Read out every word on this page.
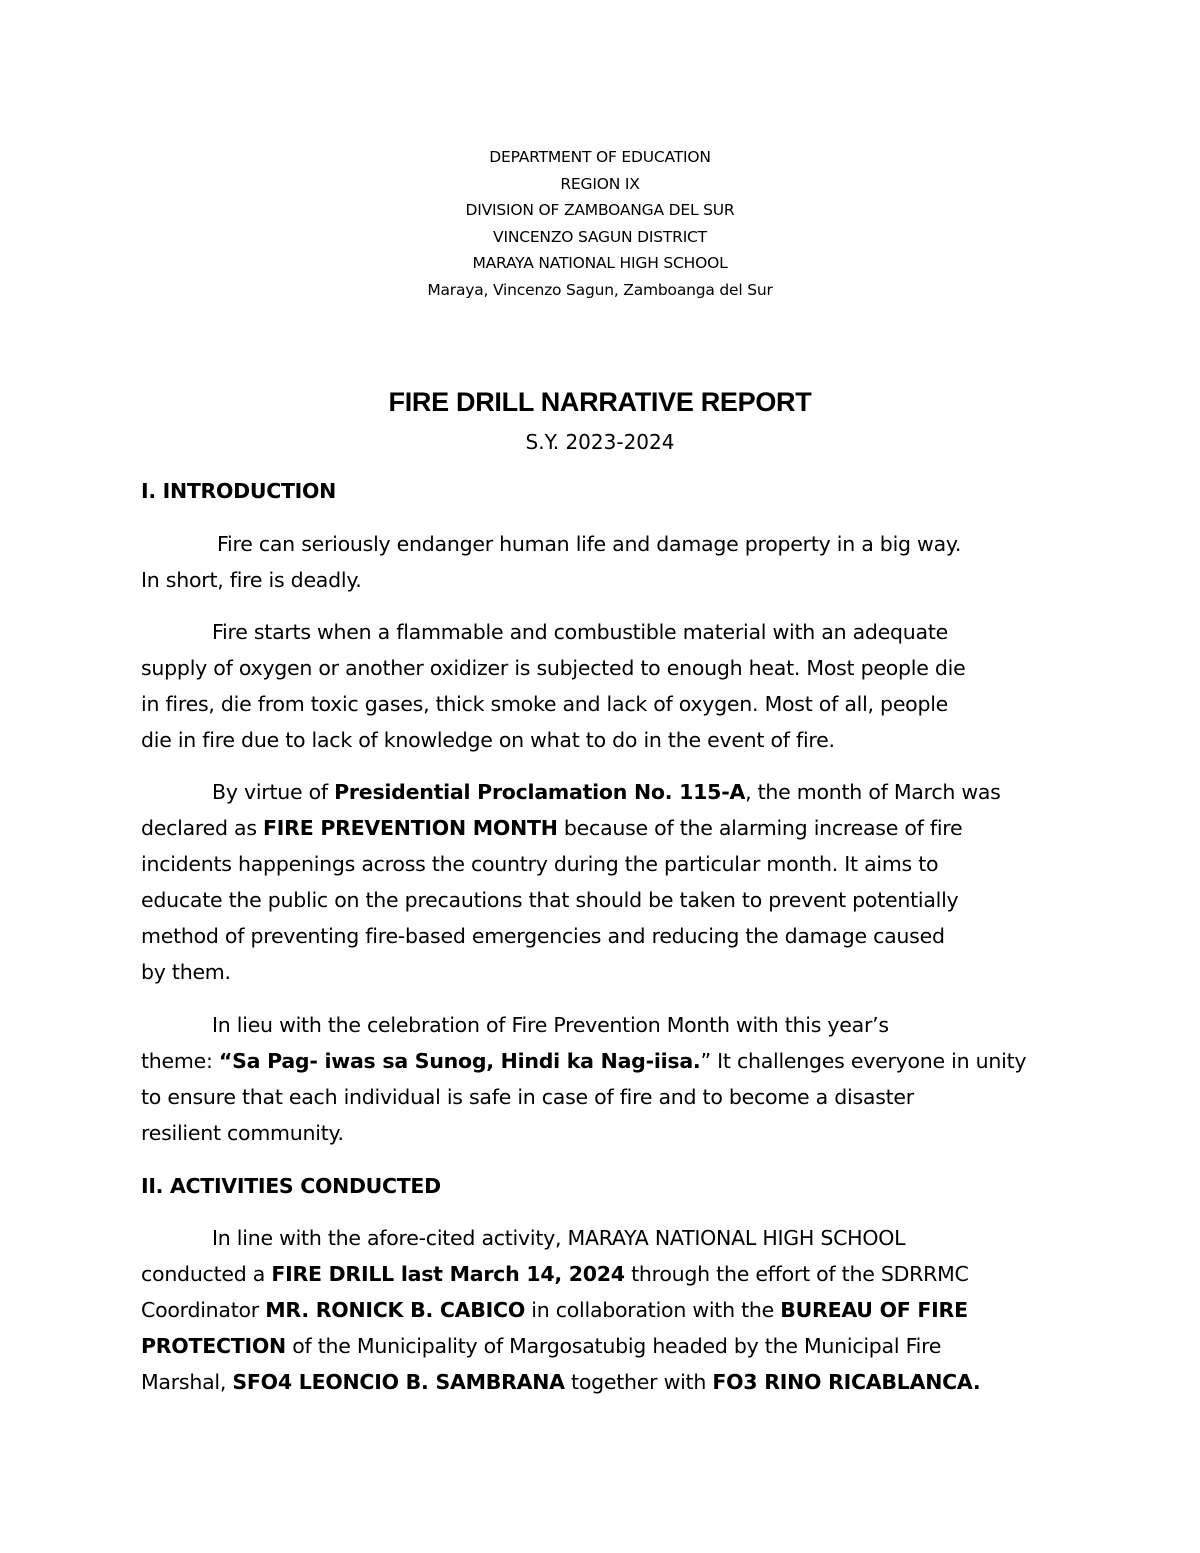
DEPARTMENT OF EDUCATION
REGION IX
DIVISION OF ZAMBOANGA DEL SUR
VINCENZO SAGUN DISTRICT
MARAYA NATIONAL HIGH SCHOOL
Maraya, Vincenzo Sagun, Zamboanga del Sur
FIRE DRILL NARRATIVE REPORT
S.Y. 2023-2024
I. INTRODUCTION
Fire can seriously endanger human life and damage property in a big way.
In short, fire is deadly.
Fire starts when a flammable and combustible material with an adequate
supply of oxygen or another oxidizer is subjected to enough heat. Most people die
in fires, die from toxic gases, thick smoke and lack of oxygen. Most of all, people
die in fire due to lack of knowledge on what to do in the event of fire.
By virtue of Presidential Proclamation No. 115-A, the month of March was
declared as FIRE PREVENTION MONTH because of the alarming increase of fire
incidents happenings across the country during the particular month. It aims to
educate the public on the precautions that should be taken to prevent potentially
method of preventing fire-based emergencies and reducing the damage caused
by them.
In lieu with the celebration of Fire Prevention Month with this year’s
theme: “Sa Pag- iwas sa Sunog, Hindi ka Nag-iisa.” It challenges everyone in unity
to ensure that each individual is safe in case of fire and to become a disaster
resilient community.
II. ACTIVITIES CONDUCTED
In line with the afore-cited activity, MARAYA NATIONAL HIGH SCHOOL
conducted a FIRE DRILL last March 14, 2024 through the effort of the SDRRMC
Coordinator MR. RONICK B. CABICO in collaboration with the BUREAU OF FIRE
PROTECTION of the Municipality of Margosatubig headed by the Municipal Fire
Marshal, SFO4 LEONCIO B. SAMBRANA together with FO3 RINO RICABLANCA.
